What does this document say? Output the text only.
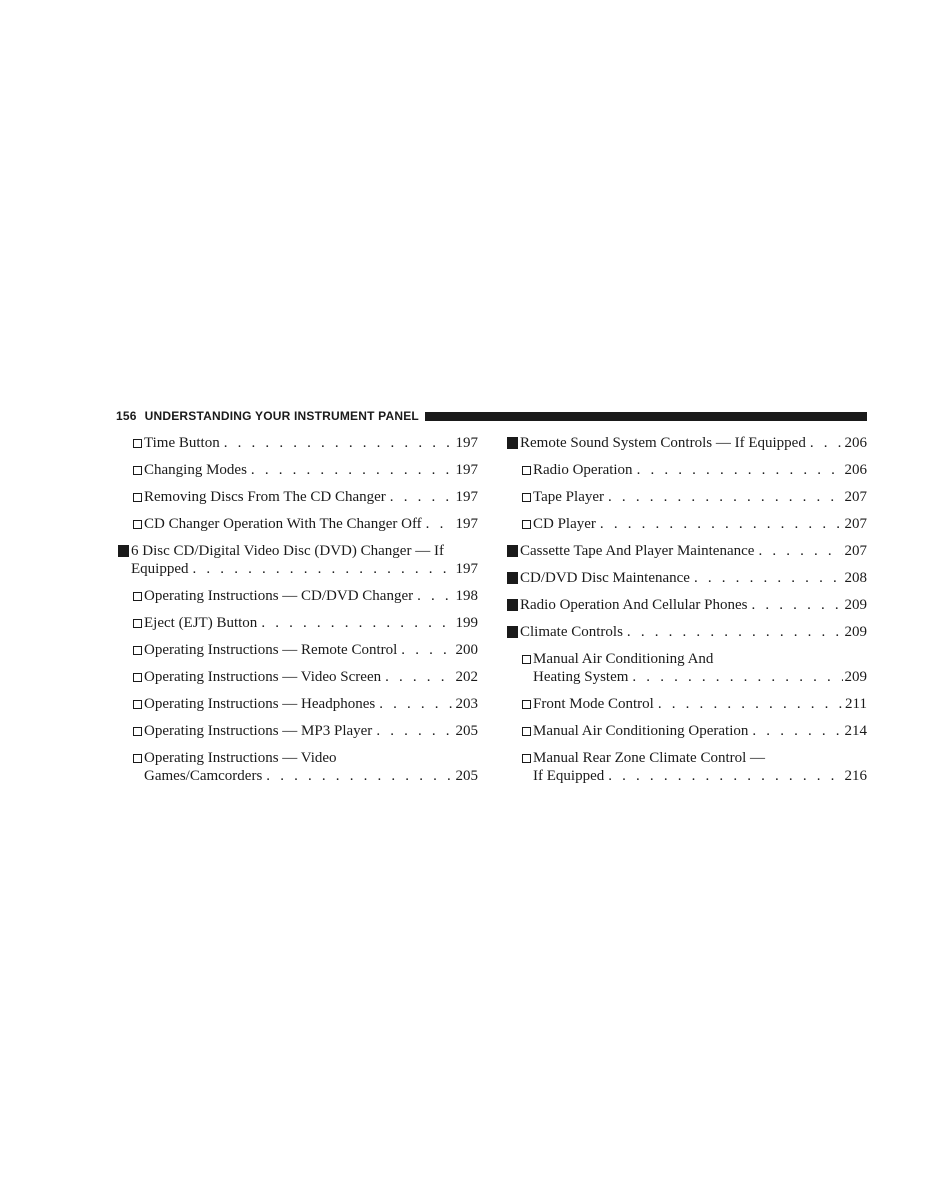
156 UNDERSTANDING YOUR INSTRUMENT PANEL
Time Button . . .	197
Changing Modes . . .	197
Removing Discs From The CD Changer . . .	197
CD Changer Operation With The Changer Off . . . 197
6 Disc CD/Digital Video Disc (DVD) Changer — If
Equipped . . .	197
Operating Instructions — CD/DVD Changer . . .	198
Eject (EJT) Button . . .	199
Operating Instructions — Remote Control . . .	200
Operating Instructions — Video Screen . . .	202
Operating Instructions — Headphones . . .	203
Operating Instructions — MP3 Player . . .	205
Operating Instructions — Video
Games/Camcorders . . .	205
Remote Sound System Controls — If Equipped . . .	206
Radio Operation . . .	206
Tape Player . . .	207
CD Player . . .	207
Cassette Tape And Player Maintenance . . .	207
CD/DVD Disc Maintenance . . .	208
Radio Operation And Cellular Phones . . .	209
Climate Controls . . .	209
Manual Air Conditioning And
Heating System . . .	209
Front Mode Control . . .	211
Manual Air Conditioning Operation . . .	214
Manual Rear Zone Climate Control —
If Equipped . . .	216
